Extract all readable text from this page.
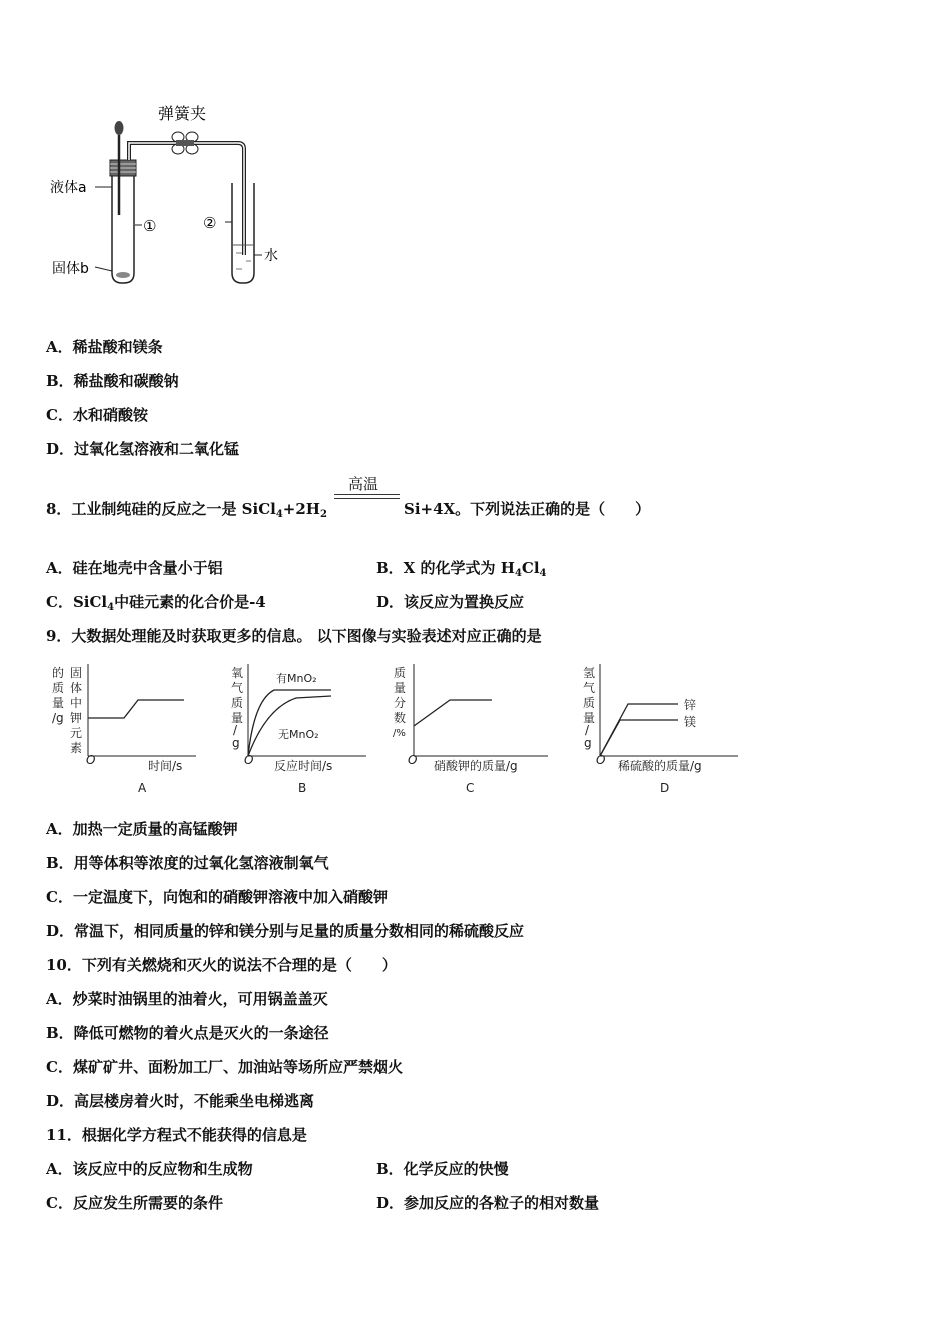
弹簧夹
液体a
固体b
①	②
水
A．稀盐酸和镁条
B．稀盐酸和碳酸钠
C．水和硝酸铵
D．过氧化氢溶液和二氧化锰
8．工业制纯硅的反应之一是 $SiCl_4+2H_2$
高温
Si+4X。下列说法正确的是（　　）
A．硅在地壳中含量小于铝	B．X 的化学式为 $H_4Cl_4$
C．SiCl$_4$中硅元素的化合价是-4	D．该反应为置换反应
9．大数据处理能及时获取更多的信息。 以下图像与实验表述对应正确的是
的
质
量
/g
固
体
中
钾
元
素
O	时间/s
A
氧
气
质
量
/
g
O 反应时间/s
B
有MnO₂
无MnO₂
质
量
分
数
/%
O 硝酸钾的质量/g
C
氢
气
质
量
/
g
O 稀硫酸的质量/g
D
锌
镁
A．加热一定质量的高锰酸钾
B．用等体积等浓度的过氧化氢溶液制氧气
C．一定温度下，向饱和的硝酸钾溶液中加入硝酸钾
D．常温下，相同质量的锌和镁分别与足量的质量分数相同的稀硫酸反应
10．下列有关燃烧和灭火的说法不合理的是（　　）
A．炒菜时油锅里的油着火，可用锅盖盖灭
B．降低可燃物的着火点是灭火的一条途径
C．煤矿矿井、面粉加工厂、加油站等场所应严禁烟火
D．高层楼房着火时，不能乘坐电梯逃离
11．根据化学方程式不能获得的信息是
A．该反应中的反应物和生成物	B．化学反应的快慢
C．反应发生所需要的条件	D．参加反应的各粒子的相对数量
